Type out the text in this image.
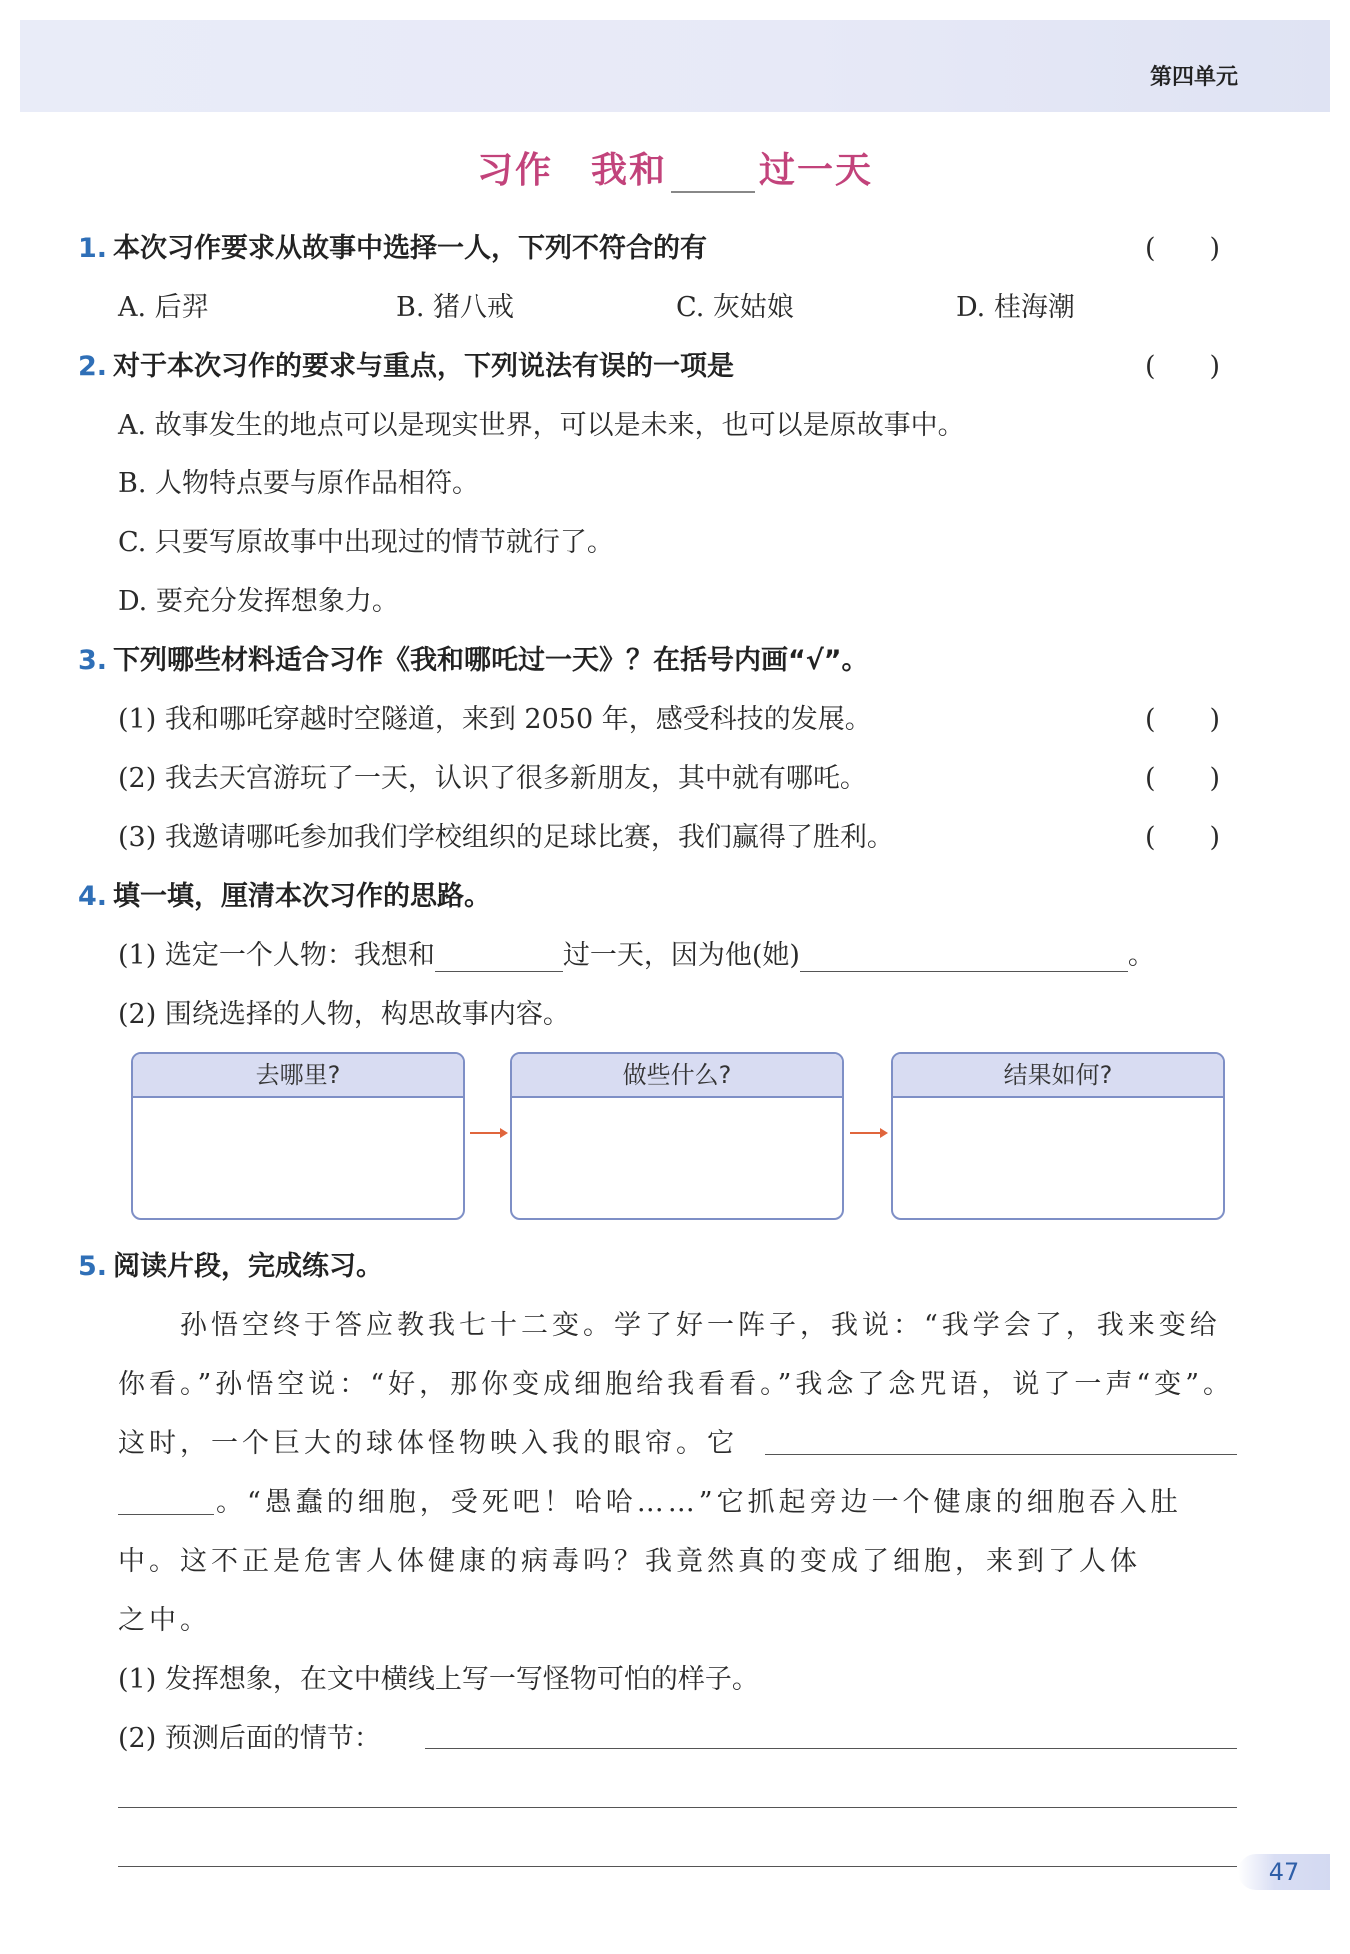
第四单元
习作　我和	过一天
1. 本次习作要求从故事中选择一人，下列不符合的有	(　　)
A. 后羿	B. 猪八戒	C. 灰姑娘	D. 桂海潮
2. 对于本次习作的要求与重点，下列说法有误的一项是	(　　)
A. 故事发生的地点可以是现实世界，可以是未来，也可以是原故事中。
B. 人物特点要与原作品相符。
C. 只要写原故事中出现过的情节就行了。
D. 要充分发挥想象力。
3. 下列哪些材料适合习作《我和哪吒过一天》？在括号内画“√”。
(1) 我和哪吒穿越时空隧道，来到 2050 年，感受科技的发展。	(　　)
(2) 我去天宫游玩了一天，认识了很多新朋友，其中就有哪吒。	(　　)
(3) 我邀请哪吒参加我们学校组织的足球比赛，我们赢得了胜利。	(　　)
4. 填一填，厘清本次习作的思路。
(1) 选定一个人物：我想和	过一天，因为他(她)	。
(2) 围绕选择的人物，构思故事内容。
去哪里?	做些什么?	结果如何?
5. 阅读片段，完成练习。
　　孙悟空终于答应教我七十二变。学了好一阵子，我说：“我学会了，我来变给
你看。”孙悟空说：“好，那你变成细胞给我看看。”我念了念咒语，说了一声“变”。
这时，一个巨大的球体怪物映入我的眼帘。它
。“愚蠢的细胞，受死吧！哈哈……”它抓起旁边一个健康的细胞吞入肚
中。这不正是危害人体健康的病毒吗？我竟然真的变成了细胞，来到了人体
之中。
(1) 发挥想象，在文中横线上写一写怪物可怕的样子。
(2) 预测后面的情节：
47
